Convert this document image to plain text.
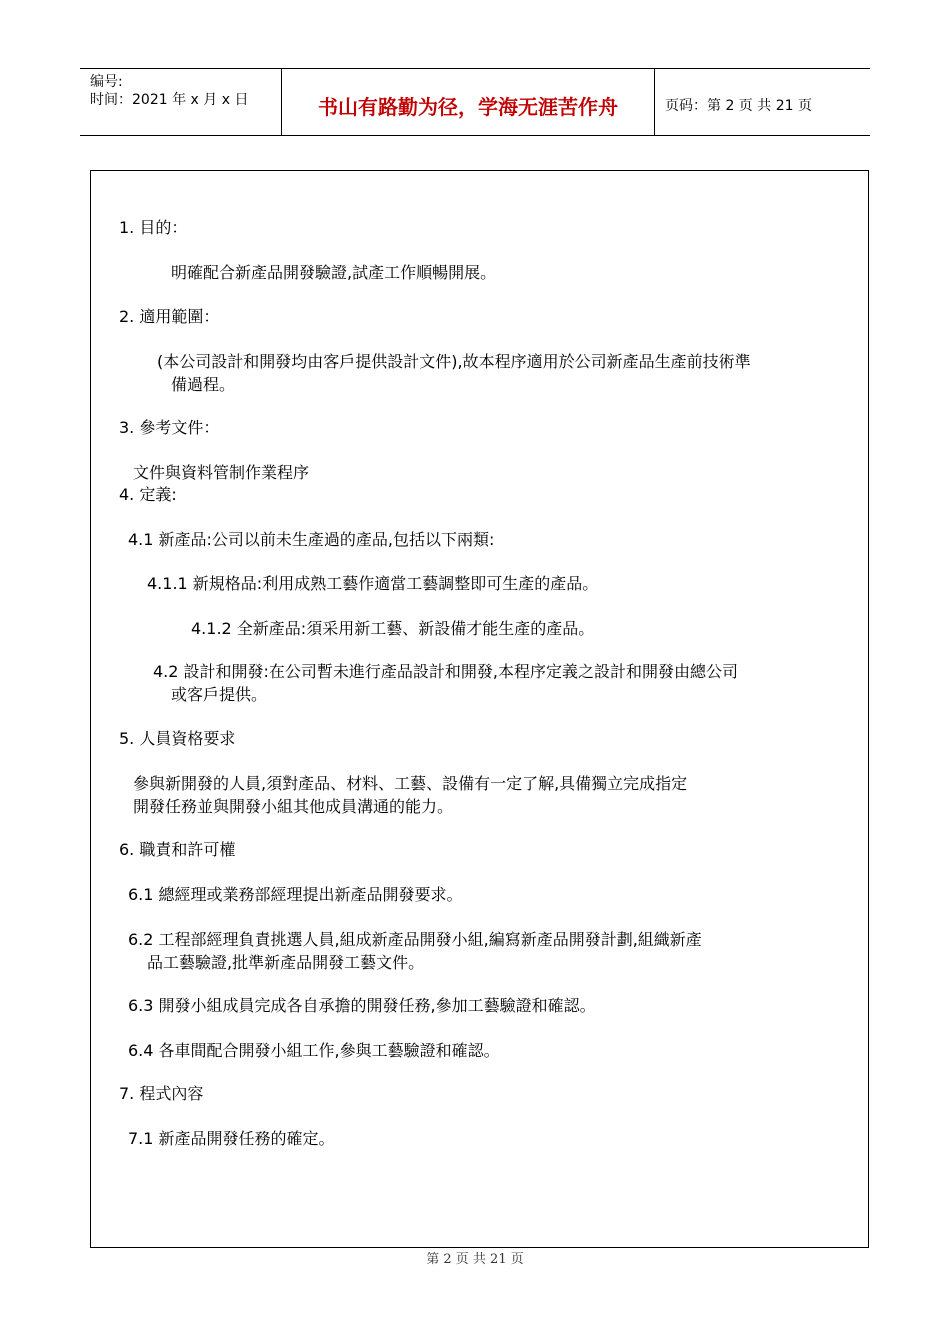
编号:
时间：2021 年 x 月 x 日	书山有路勤为径，学海无涯苦作舟	页码：第 2 页 共 21 页
1. 目的：
明確配合新產品開發驗證,試產工作順暢開展。
2. 適用範圍：
(本公司設計和開發均由客戶提供設計文件),故本程序適用於公司新產品生產前技術準
備過程。
3. 參考文件：
文件與資料管制作業程序
4. 定義:
4.1 新產品:公司以前未生產過的產品,包括以下兩類:
4.1.1 新規格品:利用成熟工藝作適當工藝調整即可生產的產品。
4.1.2 全新產品:須采用新工藝、新設備才能生產的產品。
4.2 設計和開發:在公司暫未進行產品設計和開發,本程序定義之設計和開發由總公司
或客戶提供。
5. 人員資格要求
參與新開發的人員,須對產品、材料、工藝、設備有一定了解,具備獨立完成指定
開發任務並與開發小組其他成員溝通的能力。
6. 職責和許可權
6.1 總經理或業務部經理提出新產品開發要求。
6.2 工程部經理負責挑選人員,組成新產品開發小組,編寫新產品開發計劃,組織新產
品工藝驗證,批準新產品開發工藝文件。
6.3 開發小組成員完成各自承擔的開發任務,參加工藝驗證和確認。
6.4 各車間配合開發小組工作,參與工藝驗證和確認。
7. 程式內容
7.1 新產品開發任務的確定。
第 2 页 共 21 页
